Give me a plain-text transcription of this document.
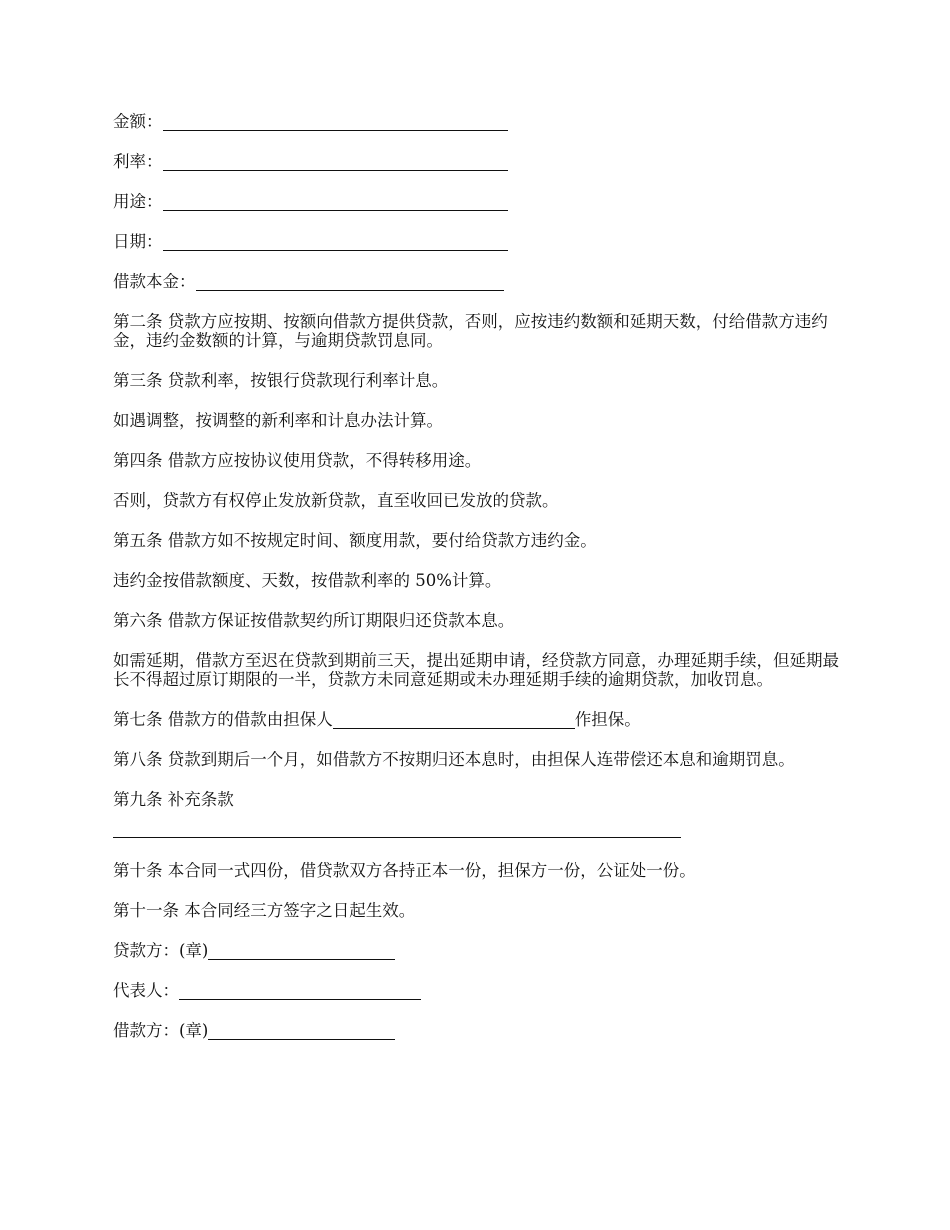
金额：
利率：
用途：
日期：
借款本金：

第二条 贷款方应按期、按额向借款方提供贷款，否则，应按违约数额和延期天数，付给借款方违约金，违约金数额的计算，与逾期贷款罚息同。

第三条 贷款利率，按银行贷款现行利率计息。

如遇调整，按调整的新利率和计息办法计算。

第四条 借款方应按协议使用贷款，不得转移用途。

否则，贷款方有权停止发放新贷款，直至收回已发放的贷款。

第五条 借款方如不按规定时间、额度用款，要付给贷款方违约金。

违约金按借款额度、天数，按借款利率的 50%计算。

第六条 借款方保证按借款契约所订期限归还贷款本息。

如需延期，借款方至迟在贷款到期前三天，提出延期申请，经贷款方同意，办理延期手续，但延期最长不得超过原订期限的一半，贷款方未同意延期或未办理延期手续的逾期贷款，加收罚息。

第七条 借款方的借款由担保人	作担保。

第八条 贷款到期后一个月，如借款方不按期归还本息时，由担保人连带偿还本息和逾期罚息。

第九条 补充条款

第十条 本合同一式四份，借贷款双方各持正本一份，担保方一份，公证处一份。

第十一条 本合同经三方签字之日起生效。

贷款方：(章)
代表人：
借款方：(章)
